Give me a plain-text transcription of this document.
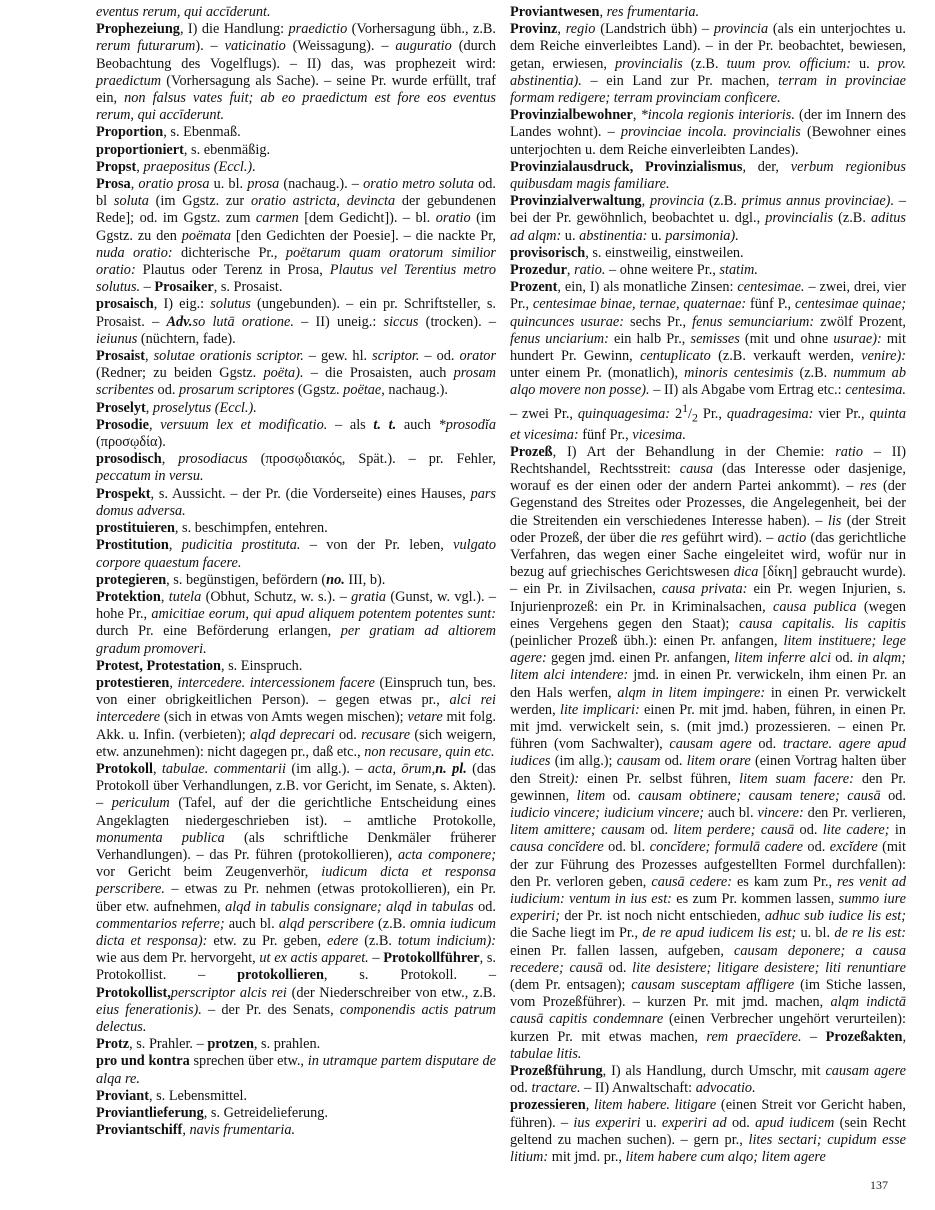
eventus rerum, qui accīderunt.

Prophezeiung, I) die Handlung: praedictio (Vorhersagung übh., z.B. rerum futurarum). – vaticinatio (Weissagung). – auguratio (durch Beobachtung des Vogelflugs). – II) das, was prophezeit wird: praedictum (Vorhersagung als Sache). – seine Pr. wurde erfüllt, traf ein, non falsus vates fuit; ab eo praedictum est fore eos eventus rerum, qui accīderunt.

Proportion, s. Ebenmaß.

proportioniert, s. ebenmäßig.

Propst, praepositus (Eccl.).

Prosa, oratio prosa u. bl. prosa (nachaug.). – oratio metro soluta od. bl soluta (im Ggstz. zur oratio astricta, devincta der gebundenen Rede]; od. im Ggstz. zum carmen [dem Gedicht]). – bl. oratio (im Ggstz. zu den poëmata [den Gedichten der Poesie]. – die nackte Pr, nuda oratio: dichterische Pr., poëtarum quam oratorum similior oratio: Plautus oder Terenz in Prosa, Plautus vel Terentius metro solutus. – Prosaiker, s. Prosaist.

prosaisch, I) eig.: solutus (ungebunden). – ein pr. Schriftsteller, s. Prosaist. – Adv.so lutā oratione. – II) uneig.: siccus (trocken). – ieiunus (nüchtern, fade).

Prosaist, solutae orationis scriptor. – gew. hl. scriptor. – od. orator (Redner; zu beiden Ggstz. poëta). – die Prosaisten, auch prosam scribentes od. prosarum scriptores (Ggstz. poëtae, nachaug.).

Proselyt, proselytus (Eccl.).

Prosodie, versuum lex et modificatio. – als t. t. auch *prosodĭa (προσῳδία).

prosodisch, prosodiacus (προσῳδιακός, Spät.). – pr. Fehler, peccatum in versu.

Prospekt, s. Aussicht. – der Pr. (die Vorderseite) eines Hauses, pars domus adversa.

prostituieren, s. beschimpfen, entehren.

Prostitution, pudicitia prostituta. – von der Pr. leben, vulgato corpore quaestum facere.

protegieren, s. begünstigen, befördern (no. III, b).

Protektion, tutela (Obhut, Schutz, w. s.). – gratia (Gunst, w. vgl.). – hohe Pr., amicitiae eorum, qui apud aliquem potentem potentes sunt: durch Pr. eine Beförderung erlangen, per gratiam ad altiorem gradum promoveri.

Protest, Protestation, s. Einspruch.

protestieren, intercedere. intercessionem facere (Einspruch tun, bes. von einer obrigkeitlichen Person). – gegen etwas pr., alci rei intercedere (sich in etwas von Amts wegen mischen); vetare mit folg. Akk. u. Infin. (verbieten); alqd deprecari od. recusare (sich weigern, etw. anzunehmen): nicht dagegen pr., daß etc., non recusare, quin etc.

Protokoll, tabulae. commentarii (im allg.). – acta, ōrum,n. pl. (das Protokoll über Verhandlungen, z.B. vor Gericht, im Senate, s. Akten). – periculum (Tafel, auf der die gerichtliche Entscheidung eines Angeklagten niedergeschrieben ist). – amtliche Protokolle, monumenta publica (als schriftliche Denkmäler früherer Verhandlungen). – das Pr. führen (protokollieren), acta componere; vor Gericht beim Zeugenverhör, iudicum dicta et responsa perscribere. – etwas zu Pr. nehmen (etwas protokollieren), ein Pr. über etw. aufnehmen, alqd in tabulis consignare; alqd in tabulas od. commentarios referre; auch bl. alqd perscribere (z.B. omnia iudicum dicta et responsa): etw. zu Pr. geben, edere (z.B. totum indicium): wie aus dem Pr. hervorgeht, ut ex actis apparet. – Protokollführer, s. Protokollist. – protokollieren, s. Protokoll. – Protokollist,perscriptor alcis rei (der Niederschreiber von etw., z.B. eius fenerationis). – der Pr. des Senats, componendis actis patrum delectus.

Protz, s. Prahler. – protzen, s. prahlen.

pro und kontra sprechen über etw., in utramque partem disputare de alqa re.

Proviant, s. Lebensmittel.

Proviantlieferung, s. Getreidelieferung.

Proviantschiff, navis frumentaria.

Proviantwesen, res frumentaria.

Provinz, regio (Landstrich übh) – provincia (als ein unterjochtes u. dem Reiche einverleibtes Land). – in der Pr. beobachtet, bewiesen, getan, erwiesen, provincialis (z.B. tuum prov. officium: u. prov. abstinentia). – ein Land zur Pr. machen, terram in provinciae formam redigere; terram provinciam conficere.

Provinzialbewohner, *incola regionis interioris. (der im Innern des Landes wohnt). – provinciae incola. provincialis (Bewohner eines unterjochten u. dem Reiche einverleibten Landes).

Provinzialausdruck, Provinzialismus, der, verbum regionibus quibusdam magis familiare.

Provinzialverwaltung, provincia (z.B. primus annus provinciae). – bei der Pr. gewöhnlich, beobachtet u. dgl., provincialis (z.B. aditus ad alqm: u. abstinentia: u. parsimonia).

provisorisch, s. einstweilig, einstweilen.

Prozedur, ratio. – ohne weitere Pr., statim.

Prozent, ein, I) als monatliche Zinsen: centesimae. – zwei, drei, vier Pr., centesimae binae, ternae, quaternae: fünf P., centesimae quinae; quincunces usurae: sechs Pr., fenus semunciarium: zwölf Prozent, fenus unciarium: ein halb Pr., semisses (mit und ohne usurae): mit hundert Pr. Gewinn, centuplicato (z.B. verkauft werden, venire): unter einem Pr. (monatlich), minoris centesimis (z.B. nummum ab alqo movere non posse). – II) als Abgabe vom Ertrag etc.: centesima. – zwei Pr., quinquagesima: $2^1/_2$ Pr., quadragesima: vier Pr., quinta et vicesima: fünf Pr., vicesima.

Prozeß, I) Art der Behandlung in der Chemie: ratio – II) Rechtshandel, Rechtsstreit: causa (das Interesse oder dasjenige, worauf es der einen oder der andern Partei ankommt). – res (der Gegenstand des Streites oder Prozesses, die Angelegenheit, bei der die Streitenden ein verschiedenes Interesse haben). – lis (der Streit oder Prozeß, der über die res geführt wird). – actio (das gerichtliche Verfahren, das wegen einer Sache eingeleitet wird, wofür nur in bezug auf griechisches Gerichtswesen dica [δίκη] gebraucht wurde). – ein Pr. in Zivilsachen, causa privata: ein Pr. wegen Injurien, s. Injurienprozeß: ein Pr. in Kriminalsachen, causa publica (wegen eines Vergehens gegen den Staat); causa capitalis. lis capitis (peinlicher Prozeß übh.): einen Pr. anfangen, litem instituere; lege agere: gegen jmd. einen Pr. anfangen, litem inferre alci od. in alqm; litem alci intendere: jmd. in einen Pr. verwickeln, ihm einen Pr. an den Hals werfen, alqm in litem impingere: in einen Pr. verwickelt werden, lite implicari: einen Pr. mit jmd. haben, führen, in einen Pr. mit jmd. verwickelt sein, s. (mit jmd.) prozessieren. – einen Pr. führen (vom Sachwalter), causam agere od. tractare. agere apud iudices (im allg.); causam od. litem orare (einen Vortrag halten über den Streit): einen Pr. selbst führen, litem suam facere: den Pr. gewinnen, litem od. causam obtinere; causam tenere; causā od. iudicio vincere; iudicium vincere; auch bl. vincere: den Pr. verlieren, litem amittere; causam od. litem perdere; causā od. lite cadere; in causa concĭdere od. bl. concĭdere; formulā cadere od. excĭdere (mit der zur Führung des Prozesses aufgestellten Formel durchfallen): den Pr. verloren geben, causā cedere: es kam zum Pr., res venit ad iudicium: ventum in ius est: es zum Pr. kommen lassen, summo iure experiri; der Pr. ist noch nicht entschieden, adhuc sub iudice lis est; die Sache liegt im Pr., de re apud iudicem lis est; u. bl. de re lis est: einen Pr. fallen lassen, aufgeben, causam deponere; a causa recedere; causā od. lite desistere; litigare desistere; liti renuntiare (dem Pr. entsagen); causam susceptam affligere (im Stiche lassen, vom Prozeßführer). – kurzen Pr. mit jmd. machen, alqm indictā causā capitis condemnare (einen Verbrecher ungehört verurteilen): kurzen Pr. mit etwas machen, rem praecīdere. – Prozeßakten, tabulae litis.

Prozeßführung, I) als Handlung, durch Umschr, mit causam agere od. tractare. – II) Anwaltschaft: advocatio.

prozessieren, litem habere. litigare (einen Streit vor Gericht haben, führen). – ius experiri u. experiri ad od. apud iudicem (sein Recht geltend zu machen suchen). – gern pr., lites sectari; cupidum esse litium: mit jmd. pr., litem habere cum alqo; litem agere

137
